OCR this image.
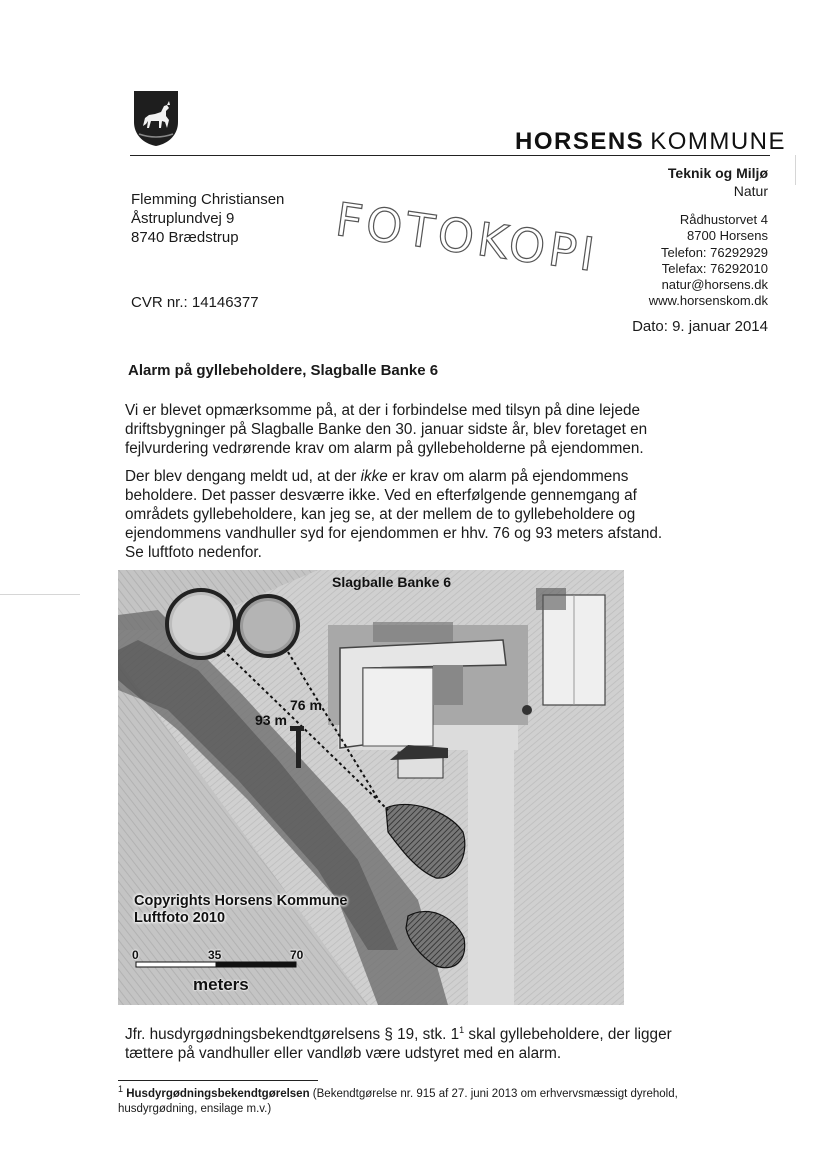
HORSENS KOMMUNE
Teknik og Miljø
Natur
Flemming Christiansen
Åstruplundvej 9
8740 Brædstrup	FOTOKOPI	Rådhustorvet 4
8700 Horsens
Telefon: 76292929
Telefax: 76292010
natur@horsens.dk
www.horsenskom.dk
CVR nr.: 14146377
Dato: 9. januar 2014
Alarm på gyllebeholdere, Slagballe Banke 6
Vi er blevet opmærksomme på, at der i forbindelse med tilsyn på dine lejede driftsbygninger på Slagballe Banke den 30. januar sidste år, blev foretaget en fejlvurdering vedrørende krav om alarm på gyllebeholderne på ejendommen.
Der blev dengang meldt ud, at der ikke er krav om alarm på ejendommens beholdere. Det passer desværre ikke. Ved en efterfølgende gennemgang af områdets gyllebeholdere, kan jeg se, at der mellem de to gyllebeholdere og ejendommens vandhuller syd for ejendommen er hhv. 76 og 93 meters afstand. Se luftfoto nedenfor.
Slagballe Banke 6
76 m
93 m
Copyrights Horsens Kommune
Luftfoto 2010
0	35	70
meters
Jfr. husdyrgødningsbekendtgørelsens § 19, stk. $1^1$ skal gyllebeholdere, der ligger tættere på vandhuller eller vandløb være udstyret med en alarm.
$^1$ Husdyrgødningsbekendtgørelsen (Bekendtgørelse nr. 915 af 27. juni 2013 om erhvervsmæssigt dyrehold, husdyrgødning, ensilage m.v.)
